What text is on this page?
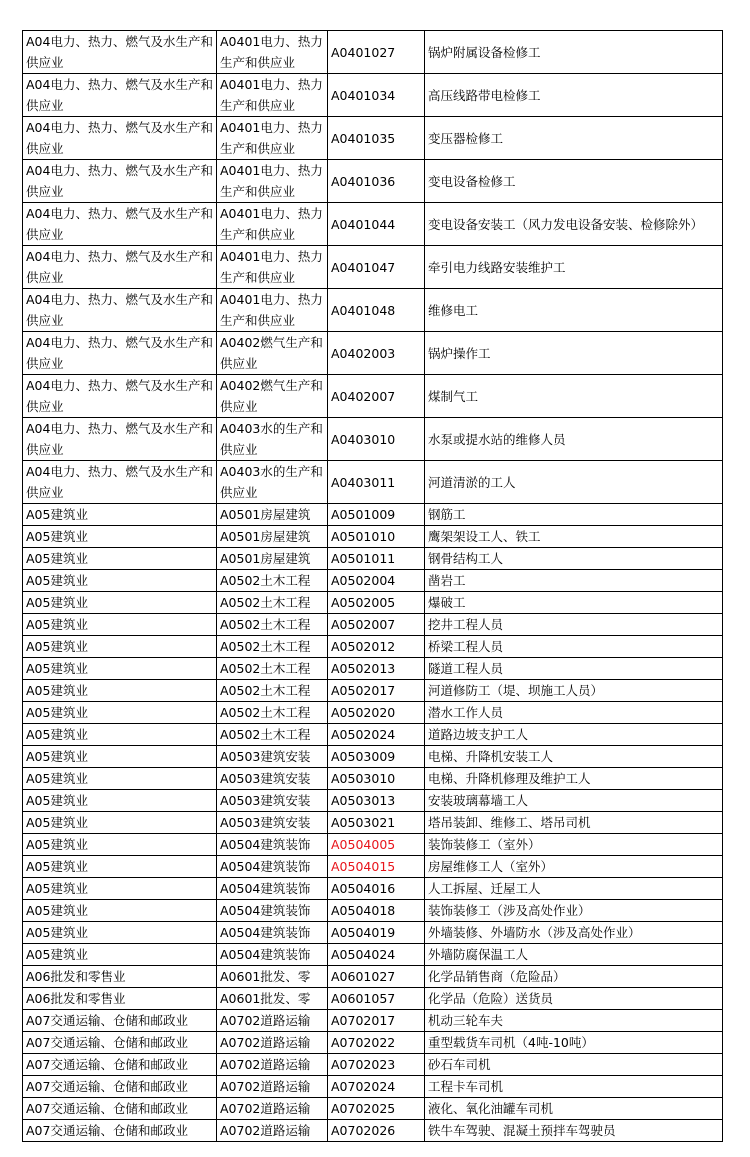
A04电力、热力、燃气及水生产和供应业	A0401电力、热力生产和供应业	A0401027	锅炉附属设备检修工
A04电力、热力、燃气及水生产和供应业	A0401电力、热力生产和供应业	A0401034	高压线路带电检修工
A04电力、热力、燃气及水生产和供应业	A0401电力、热力生产和供应业	A0401035	变压器检修工
A04电力、热力、燃气及水生产和供应业	A0401电力、热力生产和供应业	A0401036	变电设备检修工
A04电力、热力、燃气及水生产和供应业	A0401电力、热力生产和供应业	A0401044	变电设备安装工（风力发电设备安装、检修除外）
A04电力、热力、燃气及水生产和供应业	A0401电力、热力生产和供应业	A0401047	牵引电力线路安装维护工
A04电力、热力、燃气及水生产和供应业	A0401电力、热力生产和供应业	A0401048	维修电工
A04电力、热力、燃气及水生产和供应业	A0402燃气生产和供应业	A0402003	锅炉操作工
A04电力、热力、燃气及水生产和供应业	A0402燃气生产和供应业	A0402007	煤制气工
A04电力、热力、燃气及水生产和供应业	A0403水的生产和供应业	A0403010	水泵或提水站的维修人员
A04电力、热力、燃气及水生产和供应业	A0403水的生产和供应业	A0403011	河道清淤的工人
A05建筑业	A0501房屋建筑	A0501009	钢筋工
A05建筑业	A0501房屋建筑	A0501010	鹰架架设工人、铁工
A05建筑业	A0501房屋建筑	A0501011	钢骨结构工人
A05建筑业	A0502土木工程	A0502004	凿岩工
A05建筑业	A0502土木工程	A0502005	爆破工
A05建筑业	A0502土木工程	A0502007	挖井工程人员
A05建筑业	A0502土木工程	A0502012	桥梁工程人员
A05建筑业	A0502土木工程	A0502013	隧道工程人员
A05建筑业	A0502土木工程	A0502017	河道修防工（堤、坝施工人员）
A05建筑业	A0502土木工程	A0502020	潜水工作人员
A05建筑业	A0502土木工程	A0502024	道路边坡支护工人
A05建筑业	A0503建筑安装	A0503009	电梯、升降机安装工人
A05建筑业	A0503建筑安装	A0503010	电梯、升降机修理及维护工人
A05建筑业	A0503建筑安装	A0503013	安装玻璃幕墙工人
A05建筑业	A0503建筑安装	A0503021	塔吊装卸、维修工、塔吊司机
A05建筑业	A0504建筑装饰	A0504005	装饰装修工（室外）
A05建筑业	A0504建筑装饰	A0504015	房屋维修工人（室外）
A05建筑业	A0504建筑装饰	A0504016	人工拆屋、迁屋工人
A05建筑业	A0504建筑装饰	A0504018	装饰装修工（涉及高处作业）
A05建筑业	A0504建筑装饰	A0504019	外墙装修、外墙防水（涉及高处作业）
A05建筑业	A0504建筑装饰	A0504024	外墙防腐保温工人
A06批发和零售业	A0601批发、零	A0601027	化学品销售商（危险品）
A06批发和零售业	A0601批发、零	A0601057	化学品（危险）送货员
A07交通运输、仓储和邮政业	A0702道路运输	A0702017	机动三轮车夫
A07交通运输、仓储和邮政业	A0702道路运输	A0702022	重型载货车司机（4吨-10吨）
A07交通运输、仓储和邮政业	A0702道路运输	A0702023	砂石车司机
A07交通运输、仓储和邮政业	A0702道路运输	A0702024	工程卡车司机
A07交通运输、仓储和邮政业	A0702道路运输	A0702025	液化、氧化油罐车司机
A07交通运输、仓储和邮政业	A0702道路运输	A0702026	铁牛车驾驶、混凝土预拌车驾驶员
